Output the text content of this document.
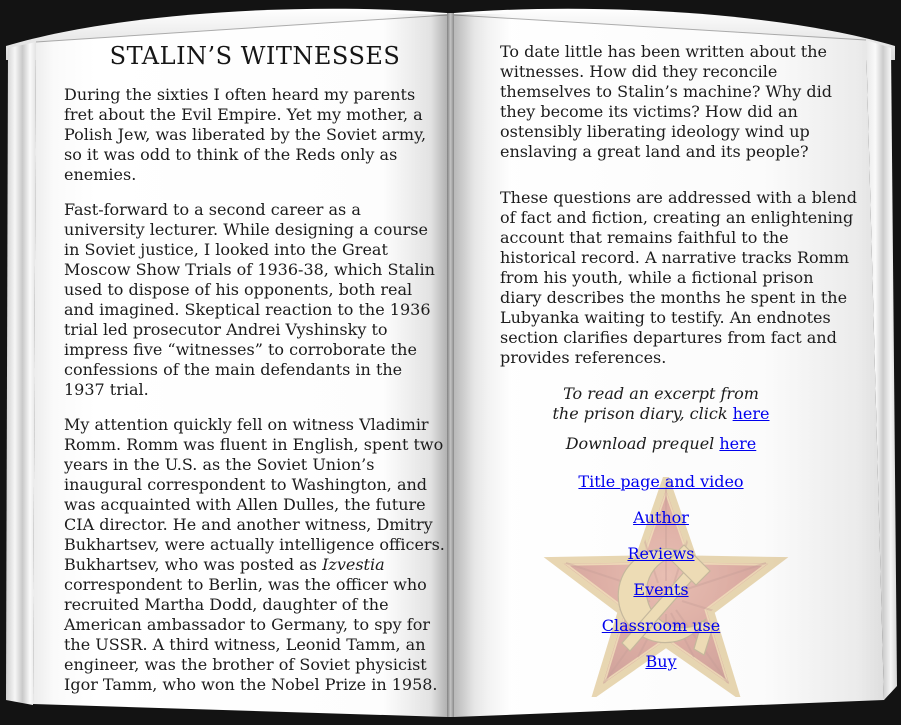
STALIN’S WITNESSES

During the sixties I often heard my parents fret about the Evil Empire. Yet my mother, a Polish Jew, was liberated by the Soviet army, so it was odd to think of the Reds only as enemies.

Fast-forward to a second career as a university lecturer. While designing a course in Soviet justice, I looked into the Great Moscow Show Trials of 1936-38, which Stalin used to dispose of his opponents, both real and imagined. Skeptical reaction to the 1936 trial led prosecutor Andrei Vyshinsky to impress five “witnesses” to corroborate the confessions of the main defendants in the 1937 trial.

My attention quickly fell on witness Vladimir Romm. Romm was fluent in English, spent two years in the U.S. as the Soviet Union’s inaugural correspondent to Washington, and was acquainted with Allen Dulles, the future CIA director. He and another witness, Dmitry Bukhartsev, were actually intelligence officers. Bukhartsev, who was posted as Izvestia correspondent to Berlin, was the officer who recruited Martha Dodd, daughter of the American ambassador to Germany, to spy for the USSR. A third witness, Leonid Tamm, an engineer, was the brother of Soviet physicist Igor Tamm, who won the Nobel Prize in 1958.

To date little has been written about the witnesses. How did they reconcile themselves to Stalin’s machine? Why did they become its victims? How did an ostensibly liberating ideology wind up enslaving a great land and its people?

These questions are addressed with a blend of fact and fiction, creating an enlightening account that remains faithful to the historical record. A narrative tracks Romm from his youth, while a fictional prison diary describes the months he spent in the Lubyanka waiting to testify. An endnotes section clarifies departures from fact and provides references.

To read an excerpt from
the prison diary, click here
Download prequel here
Title page and video
Author
Reviews
Events
Classroom use
Buy
